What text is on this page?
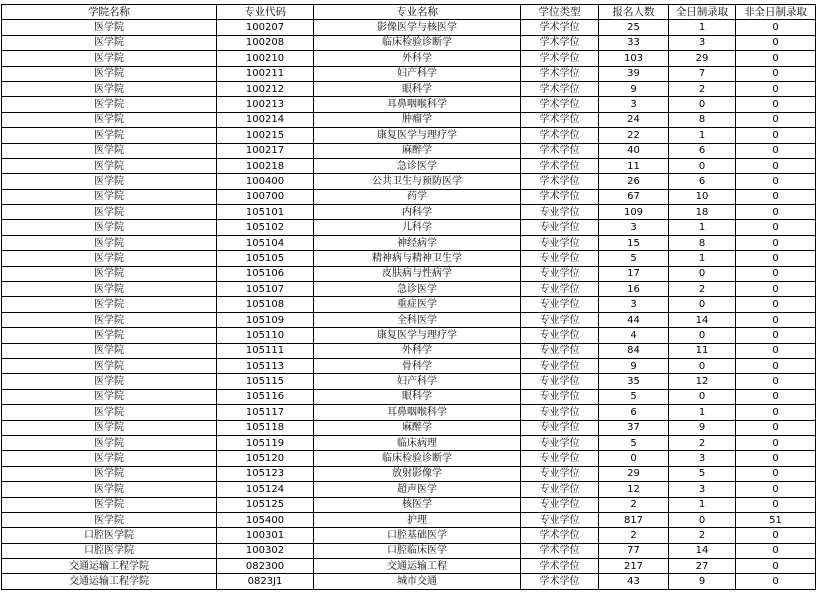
学院名称	专业代码	专业名称	学位类型	报名人数	全日制录取	非全日制录取
医学院	100207	影像医学与核医学	学术学位	25	1	0
医学院	100208	临床检验诊断学	学术学位	33	3	0
医学院	100210	外科学	学术学位	103	29	0
医学院	100211	妇产科学	学术学位	39	7	0
医学院	100212	眼科学	学术学位	9	2	0
医学院	100213	耳鼻咽喉科学	学术学位	3	0	0
医学院	100214	肿瘤学	学术学位	24	8	0
医学院	100215	康复医学与理疗学	学术学位	22	1	0
医学院	100217	麻醉学	学术学位	40	6	0
医学院	100218	急诊医学	学术学位	11	0	0
医学院	100400	公共卫生与预防医学	学术学位	26	6	0
医学院	100700	药学	学术学位	67	10	0
医学院	105101	内科学	专业学位	109	18	0
医学院	105102	儿科学	专业学位	3	1	0
医学院	105104	神经病学	专业学位	15	8	0
医学院	105105	精神病与精神卫生学	专业学位	5	1	0
医学院	105106	皮肤病与性病学	专业学位	17	0	0
医学院	105107	急诊医学	专业学位	16	2	0
医学院	105108	重症医学	专业学位	3	0	0
医学院	105109	全科医学	专业学位	44	14	0
医学院	105110	康复医学与理疗学	专业学位	4	0	0
医学院	105111	外科学	专业学位	84	11	0
医学院	105113	骨科学	专业学位	9	0	0
医学院	105115	妇产科学	专业学位	35	12	0
医学院	105116	眼科学	专业学位	5	0	0
医学院	105117	耳鼻咽喉科学	专业学位	6	1	0
医学院	105118	麻醉学	专业学位	37	9	0
医学院	105119	临床病理	专业学位	5	2	0
医学院	105120	临床检验诊断学	专业学位	0	3	0
医学院	105123	放射影像学	专业学位	29	5	0
医学院	105124	超声医学	专业学位	12	3	0
医学院	105125	核医学	专业学位	2	1	0
医学院	105400	护理	专业学位	817	0	51
口腔医学院	100301	口腔基础医学	学术学位	2	2	0
口腔医学院	100302	口腔临床医学	学术学位	77	14	0
交通运输工程学院	082300	交通运输工程	学术学位	217	27	0
交通运输工程学院	0823J1	城市交通	学术学位	43	9	0
